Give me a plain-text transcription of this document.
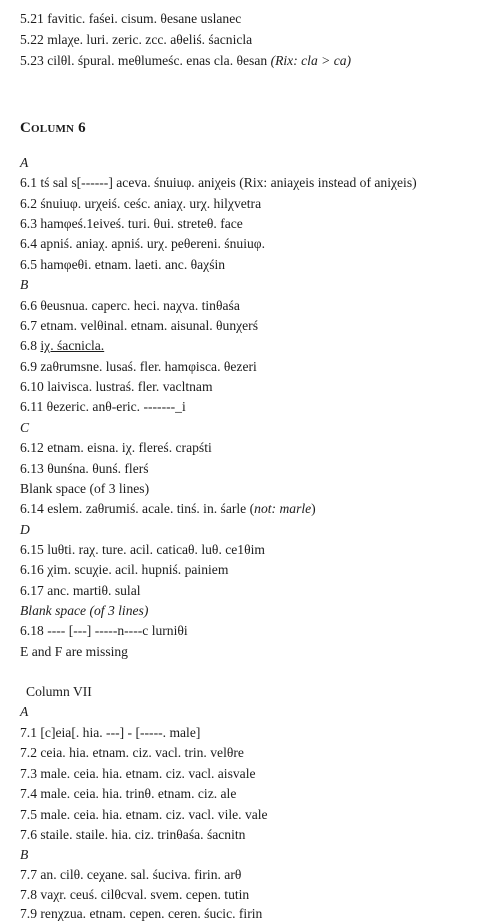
5.21 favitic. faśei. cisum. θesane uslanec
5.22 mlaχe. luri. zeric. zcc. aθeliś. śacnicla
5.23 cilθl. śpural. meθlumeśc. enas cla. θesan (Rix: cla > ca)
Column 6
A
6.1 tś sal s[------] aceva. śnuiuφ. aniχeis (Rix: aniaχeis instead of aniχeis)
6.2 śnuiuφ. urχeiś. ceśc. aniaχ. urχ. hilχvetra
6.3 hamφeś.1eiveś. turi. θui. streteθ. face
6.4 apniś. aniaχ. apniś. urχ. peθereni. śnuiuφ.
6.5 hamφeθi. etnam. laeti. anc. θaχśin
B
6.6 θeusnua. caperc. heci. naχva. tinθaśa
6.7 etnam. velθinal. etnam. aisunal. θunχerś
6.8 iχ. śacnicla.
6.9 zaθrumsne. lusaś. fler. hamφisca. θezeri
6.10 laivisca. lustraś. fler. vacltnam
6.11 θezeric. anθ-eric. -------_i
C
6.12 etnam. eisna. iχ. flereś. crapśti
6.13 θunśna. θunś. flerś
Blank space (of 3 lines)
6.14 eslem. zaθrumiś. acale. tinś. in. śarle (not: marle)
D
6.15 luθti. raχ. ture. acil. caticaθ. luθ. ce1θim
6.16 χim. scuχie. acil. hupniś. painiem
6.17 anc. martiθ. sulal
Blank space (of 3 lines)
6.18 ---- [---] -----n----c lurniθi
E and F are missing
Column VII
A
7.1 [c]eia[. hia. ---] - [-----. male]
7.2 ceia. hia. etnam. ciz. vacl. trin. velθre
7.3 male. ceia. hia. etnam. ciz. vacl. aisvale
7.4 male. ceia. hia. trinθ. etnam. ciz. ale
7.5 male. ceia. hia. etnam. ciz. vacl. vile. vale
7.6 staile. staile. hia. ciz. trinθaśa. śacnitn
B
7.7 an. cilθ. ceχane. sal. śuciva. firin. arθ
7.8 vaχr. ceuś. cilθcval. svem. cepen. tutin
7.9 renχzua. etnam. cepen. ceren. śucic. firin
